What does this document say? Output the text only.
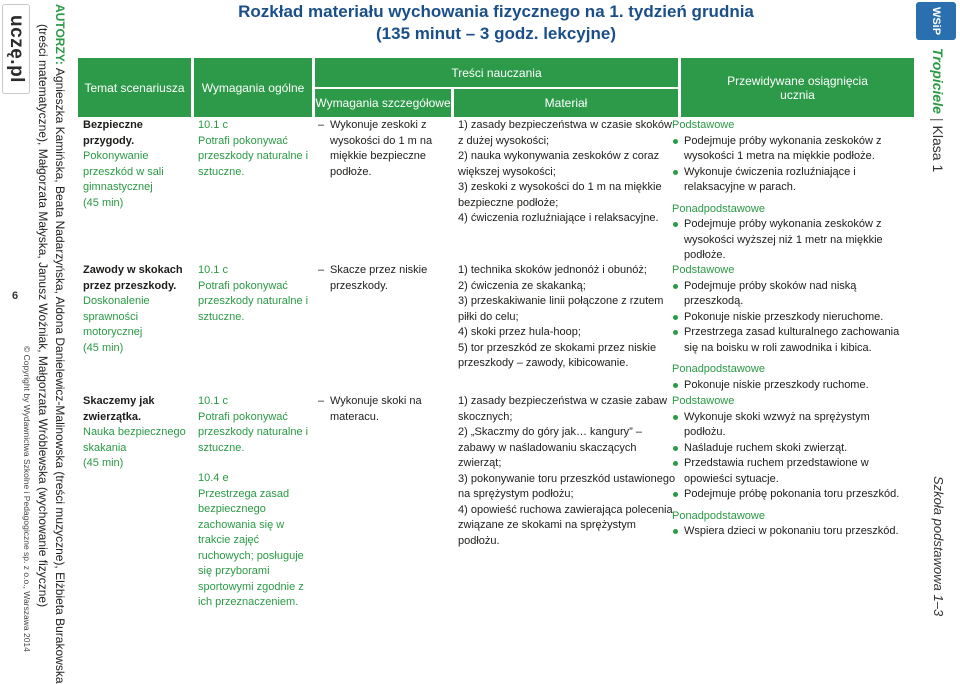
uczę.pl AUTORZY:Agnieszka Kamińska, Beata Nadarzyńska, Aldona Danielewicz-Malinowska (treści muzyczne), Elżbieta Burakowska
(treści matematyczne), Małgorzata Małyska, Janusz Woźniak, Małgorzata Wróblewska (wychowanie fizyczne)
6
© Copyright by Wydawnictwa Szkolne i Pedagogiczne sp. z o.o., Warszawa 2014
WSiP
Tropiciele|Klasa 1
Szkoła podstawowa 1–3
Rozkład materiału wychowania fizycznego na 1. tydzień grudnia
(135 minut – 3 godz. lekcyjne)
Temat scenariusza	Wymagania ogólne
Treści nauczania
Wymagania szczegółowe	Materiał
Przewidywane osiągnięcia ucznia
Bezpieczne przygody.
Pokonywanie przeszkód w sali gimnastycznej
(45 min)
10.1 c
Potrafi pokonywać przeszkody naturalne i sztuczne.
– Wykonuje zeskoki z wysokości do 1 m na miękkie bezpieczne podłoże.
1) zasady bezpieczeństwa w czasie skoków z dużej wysokości;
2) nauka wykonywania zeskoków z coraz większej wysokości;
3) zeskoki z wysokości do 1 m na miękkie bezpieczne podłoże;
4) ćwiczenia rozluźniające i relaksacyjne.
Podstawowe
Podejmuje próby wykonania zeskoków z wysokości 1 metra na miękkie podłoże.
Wykonuje ćwiczenia rozluźniające i relaksacyjne w parach.
Ponadpodstawowe
Podejmuje próby wykonania zeskoków z wysokości wyższej niż 1 metr na miękkie podłoże.
Zawody w skokach przez przeszkody.
Doskonalenie sprawności motorycznej
(45 min)
10.1 c
Potrafi pokonywać przeszkody naturalne i sztuczne.
– Skacze przez niskie przeszkody.
1) technika skoków jednonóż i obunóż;
2) ćwiczenia ze skakanką;
3) przeskakiwanie linii połączone z rzutem piłki do celu;
4) skoki przez hula-hoop;
5) tor przeszkód ze skokami przez niskie przeszkody – zawody, kibicowanie.
Podstawowe
Podejmuje próby skoków nad niską przeszkodą.
Pokonuje niskie przeszkody nieruchome.
Przestrzega zasad kulturalnego zachowania się na boisku w roli zawodnika i kibica.
Ponadpodstawowe
Pokonuje niskie przeszkody ruchome.
Skaczemy jak zwierzątka.
Nauka bezpiecznego skakania
(45 min)
10.1 c
Potrafi pokonywać przeszkody naturalne i sztuczne.
10.4 e
Przestrzega zasad bezpiecznego zachowania się w trakcie zajęć ruchowych; posługuje się przyborami sportowymi zgodnie z ich przeznaczeniem.
– Wykonuje skoki na materacu.
1) zasady bezpieczeństwa w czasie zabaw skocznych;
2) „Skaczmy do góry jak… kangury” – zabawy w naśladowaniu skaczących zwierząt;
3) pokonywanie toru przeszkód ustawionego na sprężystym podłożu;
4) opowieść ruchowa zawierająca polecenia związane ze skokami na sprężystym podłożu.
Podstawowe
Wykonuje skoki wzwyż na sprężystym podłożu.
Naśladuje ruchem skoki zwierząt.
Przedstawia ruchem przedstawione w opowieści sytuacje.
Podejmuje próbę pokonania toru przeszkód.
Ponadpodstawowe
Wspiera dzieci w pokonaniu toru przeszkód.
